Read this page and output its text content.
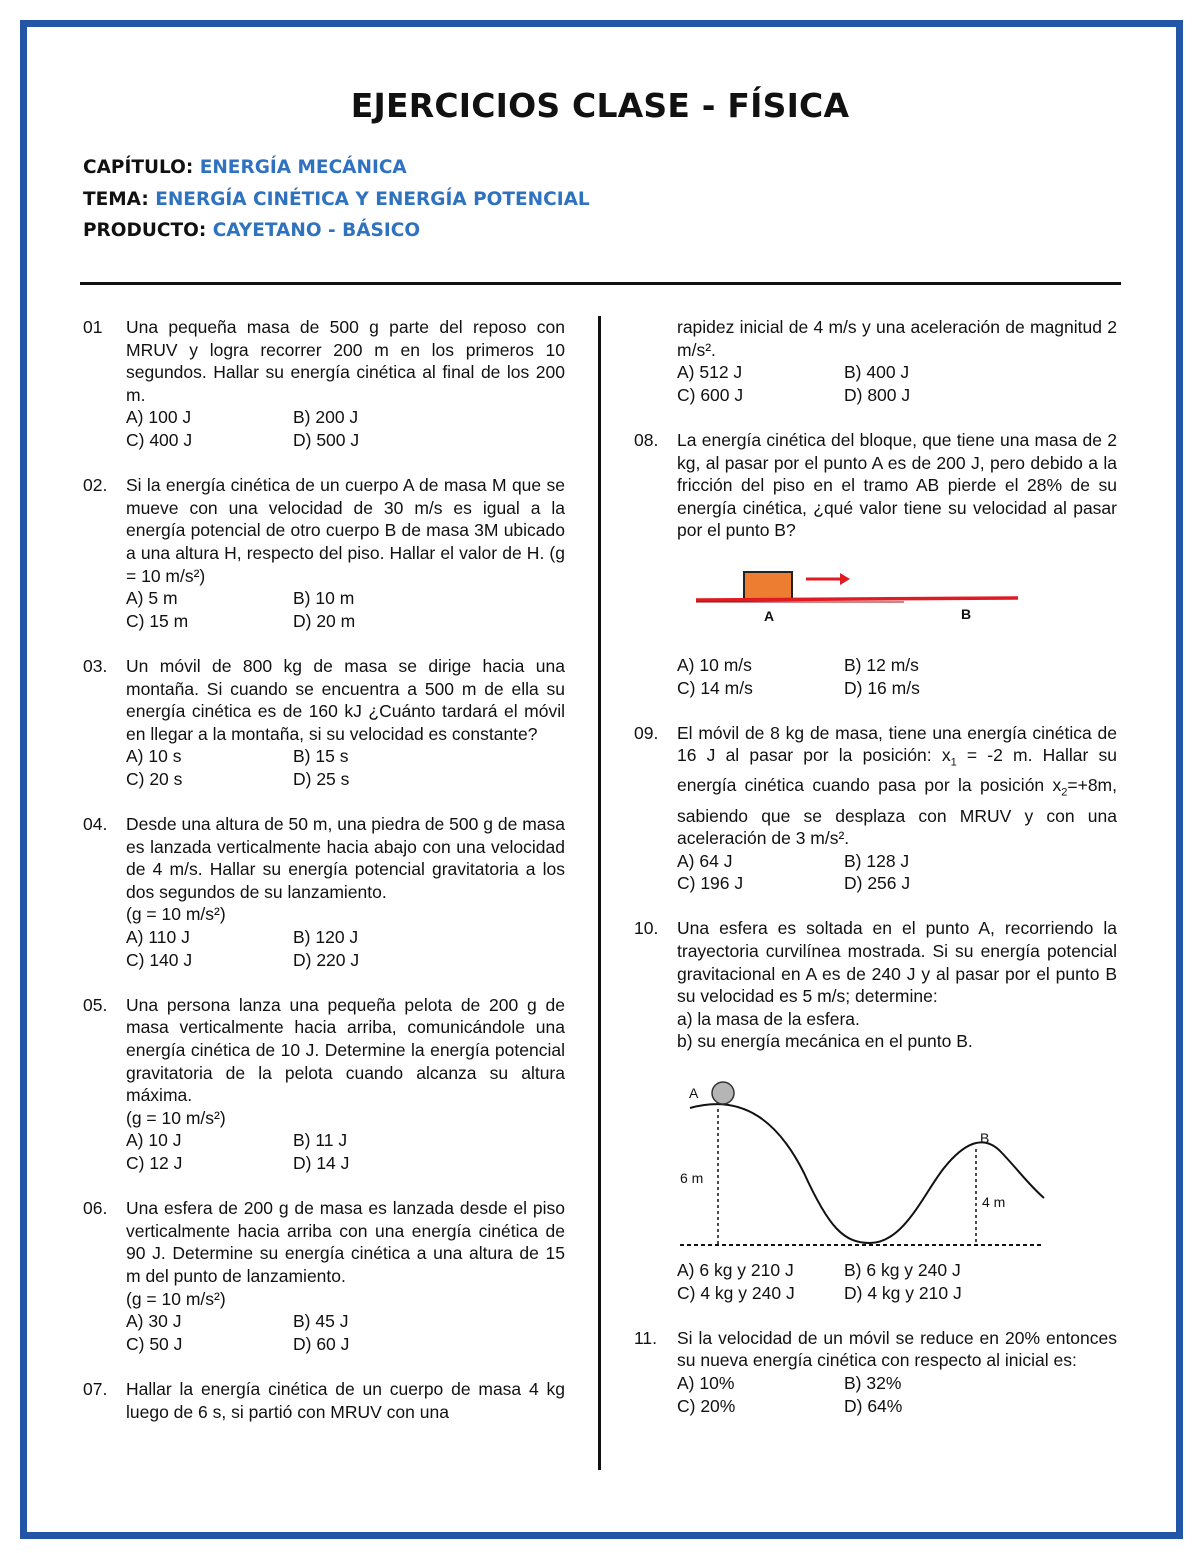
EJERCICIOS CLASE - FÍSICA
CAPÍTULO: ENERGÍA MECÁNICA
TEMA: ENERGÍA CINÉTICA Y ENERGÍA POTENCIAL
PRODUCTO: CAYETANO - BÁSICO
01 Una pequeña masa de 500 g parte del reposo con MRUV y logra recorrer 200 m en los primeros 10 segundos. Hallar su energía cinética al final de los 200 m.
A) 100 J	B) 200 J
C) 400 J	D) 500 J
02. Si la energía cinética de un cuerpo A de masa M que se mueve con una velocidad de 30 m/s es igual a la energía potencial de otro cuerpo B de masa 3M ubicado a una altura H, respecto del piso. Hallar el valor de H. (g = 10 m/s²)
A) 5 m	B) 10 m
C) 15 m	D) 20 m
03. Un móvil de 800 kg de masa se dirige hacia una montaña. Si cuando se encuentra a 500 m de ella su energía cinética es de 160 kJ ¿Cuánto tardará el móvil en llegar a la montaña, si su velocidad es constante?
A) 10 s	B) 15 s
C) 20 s	D) 25 s
04. Desde una altura de 50 m, una piedra de 500 g de masa es lanzada verticalmente hacia abajo con una velocidad de 4 m/s. Hallar su energía potencial gravitatoria a los dos segundos de su lanzamiento.
(g = 10 m/s²)
A) 110 J	B) 120 J
C) 140 J	D) 220 J
05. Una persona lanza una pequeña pelota de 200 g de masa verticalmente hacia arriba, comunicándole una energía cinética de 10 J. Determine la energía potencial gravitatoria de la pelota cuando alcanza su altura máxima.
(g = 10 m/s²)
A) 10 J	B) 11 J
C) 12 J	D) 14 J
06. Una esfera de 200 g de masa es lanzada desde el piso verticalmente hacia arriba con una energía cinética de 90 J. Determine su energía cinética a una altura de 15 m del punto de lanzamiento.
(g = 10 m/s²)
A) 30 J	B) 45 J
C) 50 J	D) 60 J
07. Hallar la energía cinética de un cuerpo de masa 4 kg luego de 6 s, si partió con MRUV con una
rapidez inicial de 4 m/s y una aceleración de magnitud 2 m/s².
A) 512 J	B) 400 J
C) 600 J	D) 800 J
08. La energía cinética del bloque, que tiene una masa de 2 kg, al pasar por el punto A es de 200 J, pero debido a la fricción del piso en el tramo AB pierde el 28% de su energía cinética, ¿qué valor tiene su velocidad al pasar por el punto B?
A	B
A) 10 m/s	B) 12 m/s
C) 14 m/s	D) 16 m/s
09. El móvil de 8 kg de masa, tiene una energía cinética de 16 J al pasar por la posición: $x_1 = -2$ m. Hallar su energía cinética cuando pasa por la posición $x_2=+8m$, sabiendo que se desplaza con MRUV y con una aceleración de 3 m/s².
A) 64 J	B) 128 J
C) 196 J	D) 256 J
10. Una esfera es soltada en el punto A, recorriendo la trayectoria curvilínea mostrada. Si su energía potencial gravitacional en A es de 240 J y al pasar por el punto B su velocidad es 5 m/s; determine:
a) la masa de la esfera.
b) su energía mecánica en el punto B.
A
B
6 m
4 m
A) 6 kg y 210 J	B) 6 kg y 240 J
C) 4 kg y 240 J	D) 4 kg y 210 J
11. Si la velocidad de un móvil se reduce en 20% entonces su nueva energía cinética con respecto al inicial es:
A) 10%	B) 32%
C) 20%	D) 64%
